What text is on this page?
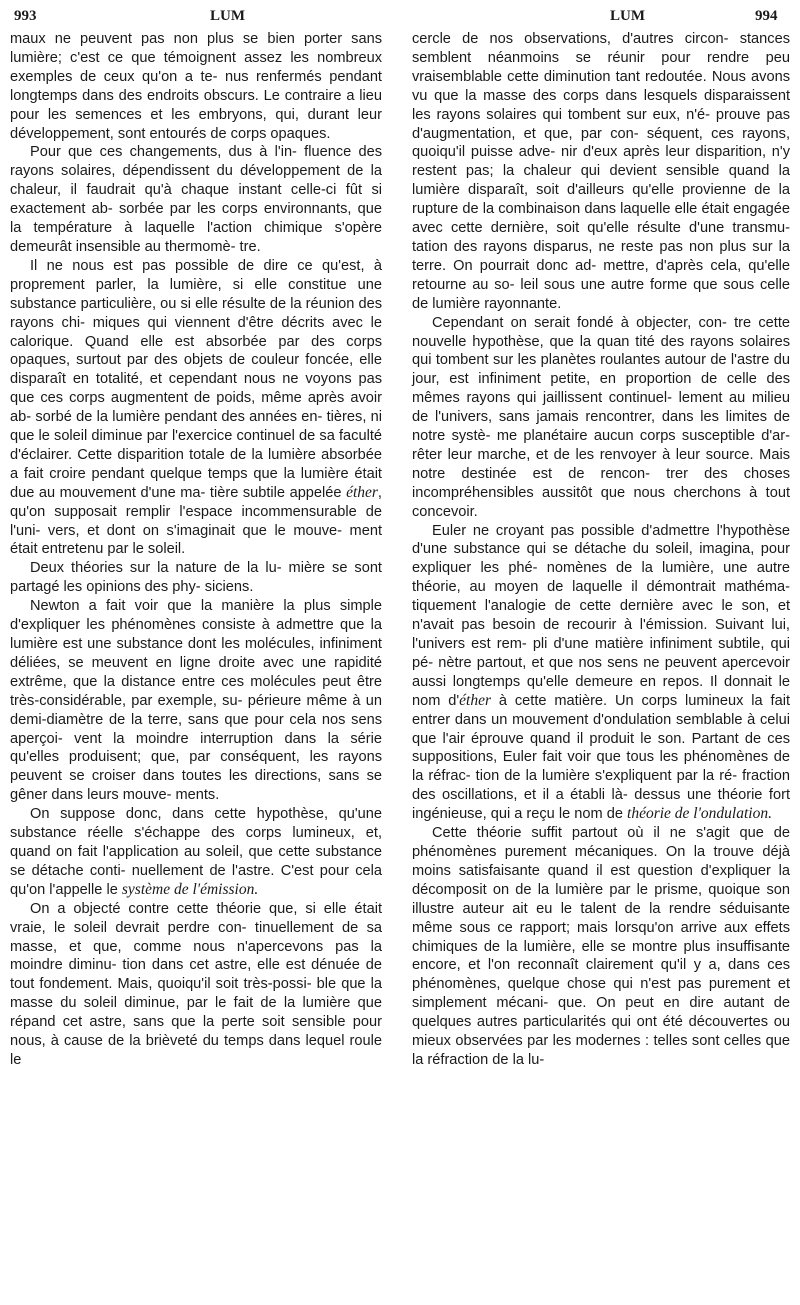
993	LUM	LUM	994

maux ne peuvent pas non plus se bien porter sans lumière; c'est ce que témoignent assez les nombreux exemples de ceux qu'on a te- nus renfermés pendant longtemps dans des endroits obscurs. Le contraire a lieu pour les semences et les embryons, qui, durant leur développement, sont entourés de corps opaques.

Pour que ces changements, dus à l'in- fluence des rayons solaires, dépendissent du développement de la chaleur, il faudrait qu'à chaque instant celle-ci fût si exactement ab- sorbée par les corps environnants, que la température à laquelle l'action chimique s'opère demeurât insensible au thermomè- tre.

Il ne nous est pas possible de dire ce qu'est, à proprement parler, la lumière, si elle constitue une substance particulière, ou si elle résulte de la réunion des rayons chi- miques qui viennent d'être décrits avec le calorique. Quand elle est absorbée par des corps opaques, surtout par des objets de couleur foncée, elle disparaît en totalité, et cependant nous ne voyons pas que ces corps augmentent de poids, même après avoir ab- sorbé de la lumière pendant des années en- tières, ni que le soleil diminue par l'exercice continuel de sa faculté d'éclairer. Cette disparition totale de la lumière absorbée a fait croire pendant quelque temps que la lumière était due au mouvement d'une ma- tière subtile appelée éther, qu'on supposait remplir l'espace incommensurable de l'uni- vers, et dont on s'imaginait que le mouve- ment était entretenu par le soleil.

Deux théories sur la nature de la lu- mière se sont partagé les opinions des phy- siciens.

Newton a fait voir que la manière la plus simple d'expliquer les phénomènes consiste à admettre que la lumière est une substance dont les molécules, infiniment déliées, se meuvent en ligne droite avec une rapidité extrême, que la distance entre ces molécules peut être très-considérable, par exemple, su- périeure même à un demi-diamètre de la terre, sans que pour cela nos sens aperçoi- vent la moindre interruption dans la série qu'elles produisent; que, par conséquent, les rayons peuvent se croiser dans toutes les directions, sans se gêner dans leurs mouve- ments.

On suppose donc, dans cette hypothèse, qu'une substance réelle s'échappe des corps lumineux, et, quand on fait l'application au soleil, que cette substance se détache conti- nuellement de l'astre. C'est pour cela qu'on l'appelle le système de l'émission.

On a objecté contre cette théorie que, si elle était vraie, le soleil devrait perdre con- tinuellement de sa masse, et que, comme nous n'apercevons pas la moindre diminu- tion dans cet astre, elle est dénuée de tout fondement. Mais, quoiqu'il soit très-possi- ble que la masse du soleil diminue, par le fait de la lumière que répand cet astre, sans que la perte soit sensible pour nous, à cause de la brièveté du temps dans lequel roule le

cercle de nos observations, d'autres circon- stances semblent néanmoins se réunir pour rendre peu vraisemblable cette diminution tant redoutée. Nous avons vu que la masse des corps dans lesquels disparaissent les rayons solaires qui tombent sur eux, n'é- prouve pas d'augmentation, et que, par con- séquent, ces rayons, quoiqu'il puisse adve- nir d'eux après leur disparition, n'y restent pas; la chaleur qui devient sensible quand la lumière disparaît, soit d'ailleurs qu'elle provienne de la rupture de la combinaison dans laquelle elle était engagée avec cette dernière, soit qu'elle résulte d'une transmu- tation des rayons disparus, ne reste pas non plus sur la terre. On pourrait donc ad- mettre, d'après cela, qu'elle retourne au so- leil sous une autre forme que sous celle de lumière rayonnante.

Cependant on serait fondé à objecter, con- tre cette nouvelle hypothèse, que la quan tité des rayons solaires qui tombent sur les planètes roulantes autour de l'astre du jour, est infiniment petite, en proportion de celle des mêmes rayons qui jaillissent continuel- lement au milieu de l'univers, sans jamais rencontrer, dans les limites de notre systè- me planétaire aucun corps susceptible d'ar- rêter leur marche, et de les renvoyer à leur source. Mais notre destinée est de rencon- trer des choses incompréhensibles aussitôt que nous cherchons à tout concevoir.

Euler ne croyant pas possible d'admettre l'hypothèse d'une substance qui se détache du soleil, imagina, pour expliquer les phé- nomènes de la lumière, une autre théorie, au moyen de laquelle il démontrait mathéma- tiquement l'analogie de cette dernière avec le son, et n'avait pas besoin de recourir à l'émission. Suivant lui, l'univers est rem- pli d'une matière infiniment subtile, qui pé- nètre partout, et que nos sens ne peuvent apercevoir aussi longtemps qu'elle demeure en repos. Il donnait le nom d'éther à cette matière. Un corps lumineux la fait entrer dans un mouvement d'ondulation semblable à celui que l'air éprouve quand il produit le son. Partant de ces suppositions, Euler fait voir que tous les phénomènes de la réfrac- tion de la lumière s'expliquent par la ré- fraction des oscillations, et il a établi là- dessus une théorie fort ingénieuse, qui a reçu le nom de théorie de l'ondulation.

Cette théorie suffit partout où il ne s'agit que de phénomènes purement mécaniques. On la trouve déjà moins satisfaisante quand il est question d'expliquer la décomposit on de la lumière par le prisme, quoique son illustre auteur ait eu le talent de la rendre séduisante même sous ce rapport; mais lorsqu'on arrive aux effets chimiques de la lumière, elle se montre plus insuffisante encore, et l'on reconnaît clairement qu'il y a, dans ces phénomènes, quelque chose qui n'est pas purement et simplement mécani- que. On peut en dire autant de quelques autres particularités qui ont été découvertes ou mieux observées par les modernes : telles sont celles que la réfraction de la lu-
